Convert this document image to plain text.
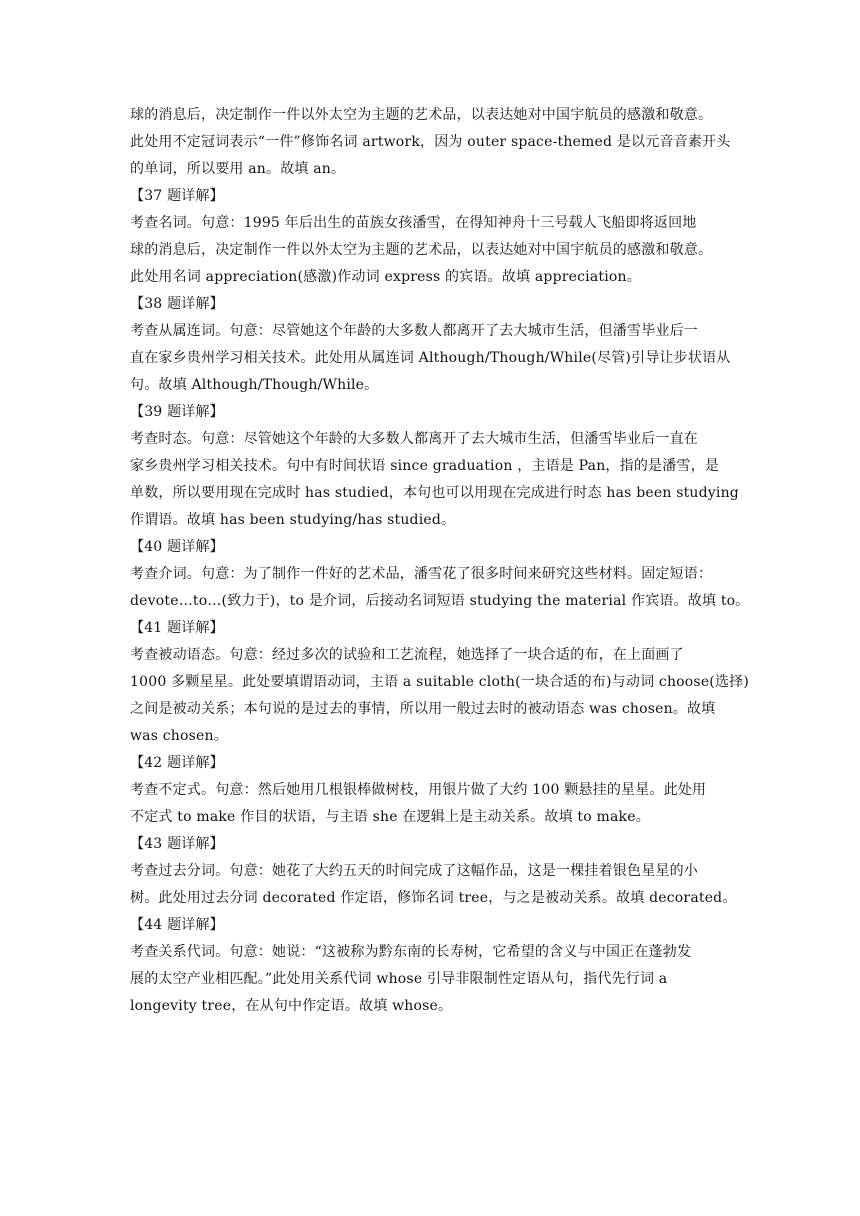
球的消息后，决定制作一件以外太空为主题的艺术品，以表达她对中国宇航员的感激和敬意。
此处用不定冠词表示“一件”修饰名词 artwork，因为 outer space-themed 是以元音音素开头
的单词，所以要用 an。故填 an。
【37 题详解】
考查名词。句意：1995 年后出生的苗族女孩潘雪，在得知神舟十三号载人飞船即将返回地
球的消息后，决定制作一件以外太空为主题的艺术品，以表达她对中国宇航员的感激和敬意。
此处用名词 appreciation(感激)作动词 express 的宾语。故填 appreciation。
【38 题详解】
考查从属连词。句意：尽管她这个年龄的大多数人都离开了去大城市生活，但潘雪毕业后一
直在家乡贵州学习相关技术。此处用从属连词 Although/Though/While(尽管)引导让步状语从
句。故填 Although/Though/While。
【39 题详解】
考查时态。句意：尽管她这个年龄的大多数人都离开了去大城市生活，但潘雪毕业后一直在
家乡贵州学习相关技术。句中有时间状语 since graduation ，主语是 Pan，指的是潘雪，是
单数，所以要用现在完成时 has studied，本句也可以用现在完成进行时态 has been studying
作谓语。故填 has been studying/has studied。
【40 题详解】
考查介词。句意：为了制作一件好的艺术品，潘雪花了很多时间来研究这些材料。固定短语：
devote…to…(致力于)，to 是介词，后接动名词短语 studying the material 作宾语。故填 to。
【41 题详解】
考查被动语态。句意：经过多次的试验和工艺流程，她选择了一块合适的布，在上面画了
1000 多颗星星。此处要填谓语动词，主语 a suitable cloth(一块合适的布)与动词 choose(选择)
之间是被动关系；本句说的是过去的事情，所以用一般过去时的被动语态 was chosen。故填
was chosen。
【42 题详解】
考查不定式。句意：然后她用几根银棒做树枝，用银片做了大约 100 颗悬挂的星星。此处用
不定式 to make 作目的状语，与主语 she 在逻辑上是主动关系。故填 to make。
【43 题详解】
考查过去分词。句意：她花了大约五天的时间完成了这幅作品，这是一棵挂着银色星星的小
树。此处用过去分词 decorated 作定语，修饰名词 tree，与之是被动关系。故填 decorated。
【44 题详解】
考查关系代词。句意：她说：“这被称为黔东南的长寿树，它希望的含义与中国正在蓬勃发
展的太空产业相匹配。”此处用关系代词 whose 引导非限制性定语从句，指代先行词 a
longevity tree，在从句中作定语。故填 whose。
